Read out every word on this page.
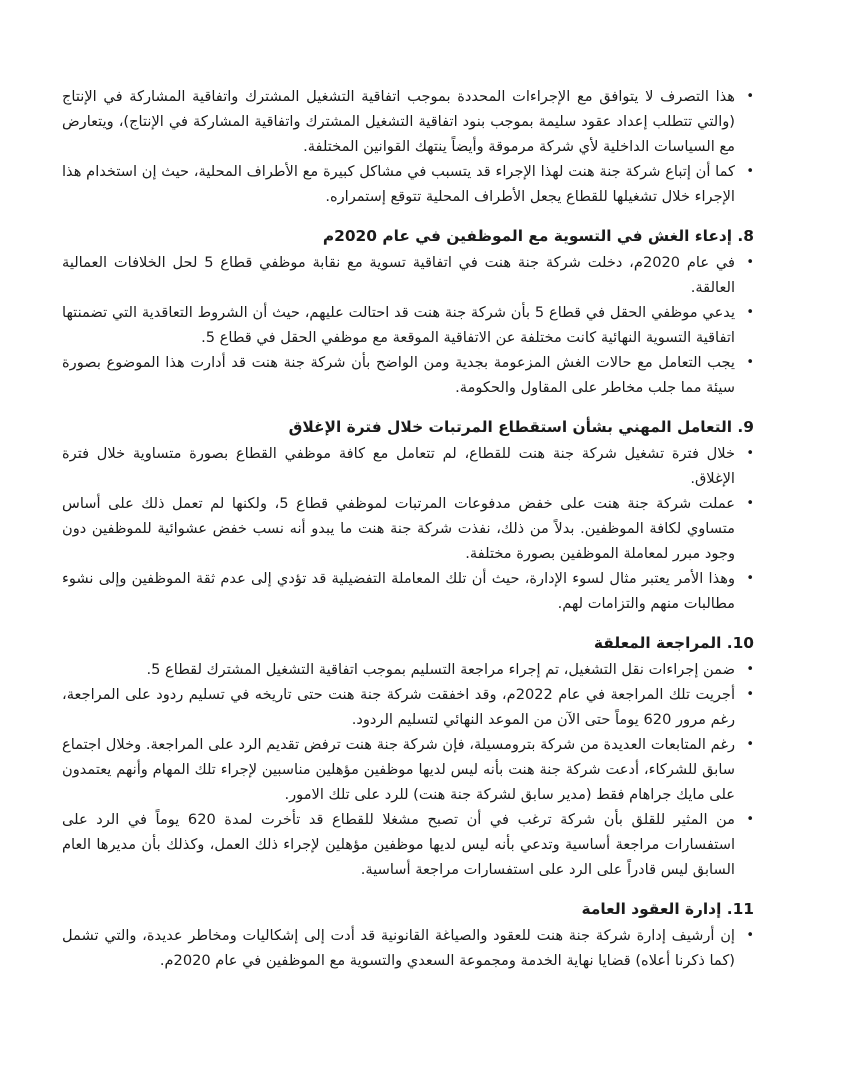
•
هذا التصرف لا يتوافق مع الإجراءات المحددة بموجب اتفاقية التشغيل المشترك واتفاقية المشاركة في الإنتاج (والتي تتطلب إعداد عقود سليمة بموجب بنود اتفاقية التشغيل المشترك واتفاقية المشاركة في الإنتاج)، ويتعارض مع السياسات الداخلية لأي شركة مرموقة وأيضاً ينتهك القوانين المختلفة.
•
كما أن إتباع شركة جنة هنت لهذا الإجراء قد يتسبب في مشاكل كبيرة مع الأطراف المحلية، حيث إن استخدام هذا الإجراء خلال تشغيلها للقطاع يجعل الأطراف المحلية تتوقع إستمراره.
8. إدعاء الغش في التسوية مع الموظفين في عام 2020م
•
في عام 2020م، دخلت شركة جنة هنت في اتفاقية تسوية مع نقابة موظفي قطاع 5 لحل الخلافات العمالية العالقة.
•
يدعي موظفي الحقل في قطاع 5 بأن شركة جنة هنت قد احتالت عليهم، حيث أن الشروط التعاقدية التي تضمنتها اتفاقية التسوية النهائية كانت مختلفة عن الاتفاقية الموقعة مع موظفي الحقل في قطاع 5.
•
يجب التعامل مع حالات الغش المزعومة بجدية ومن الواضح بأن شركة جنة هنت قد أدارت هذا الموضوع بصورة سيئة مما جلب مخاطر على المقاول والحكومة.
9. التعامل المهني بشأن استقطاع المرتبات خلال فترة الإغلاق
•
خلال فترة تشغيل شركة جنة هنت للقطاع، لم تتعامل مع كافة موظفي القطاع بصورة متساوية خلال فترة الإغلاق.
•
عملت شركة جنة هنت على خفض مدفوعات المرتبات لموظفي قطاع 5، ولكنها لم تعمل ذلك على أساس متساوي لكافة الموظفين. بدلاً من ذلك، نفذت شركة جنة هنت ما يبدو أنه نسب خفض عشوائية للموظفين دون وجود مبرر لمعاملة الموظفين بصورة مختلفة.
•
وهذا الأمر يعتبر مثال لسوء الإدارة، حيث أن تلك المعاملة التفضيلية قد تؤدي إلى عدم ثقة الموظفين وإلى نشوء مطالبات منهم والتزامات لهم.
10. المراجعة المعلقة
•
ضمن إجراءات نقل التشغيل، تم إجراء مراجعة التسليم بموجب اتفاقية التشغيل المشترك لقطاع 5.
•
أجريت تلك المراجعة في عام 2022م، وقد اخفقت شركة جنة هنت حتى تاريخه في تسليم ردود على المراجعة، رغم مرور 620 يوماً حتى الآن من الموعد النهائي لتسليم الردود.
•
رغم المتابعات العديدة من شركة بترومسيلة، فإن شركة جنة هنت ترفض تقديم الرد على المراجعة. وخلال اجتماع سابق للشركاء، أدعت شركة جنة هنت بأنه ليس لديها موظفين مؤهلين مناسبين لإجراء تلك المهام وأنهم يعتمدون على مايك جراهام فقط (مدير سابق لشركة جنة هنت) للرد على تلك الامور.
•
من المثير للقلق بأن شركة ترغب في أن تصبح مشغلا للقطاع قد تأخرت لمدة 620 يوماً في الرد على استفسارات مراجعة أساسية وتدعي بأنه ليس لديها موظفين مؤهلين لإجراء ذلك العمل، وكذلك بأن مديرها العام السابق ليس قادراً على الرد على استفسارات مراجعة أساسية.
11. إدارة العقود العامة
•
إن أرشيف إدارة شركة جنة هنت للعقود والصياغة القانونية قد أدت إلى إشكاليات ومخاطر عديدة، والتي تشمل (كما ذكرنا أعلاه) قضايا نهاية الخدمة ومجموعة السعدي والتسوية مع الموظفين في عام 2020م.
